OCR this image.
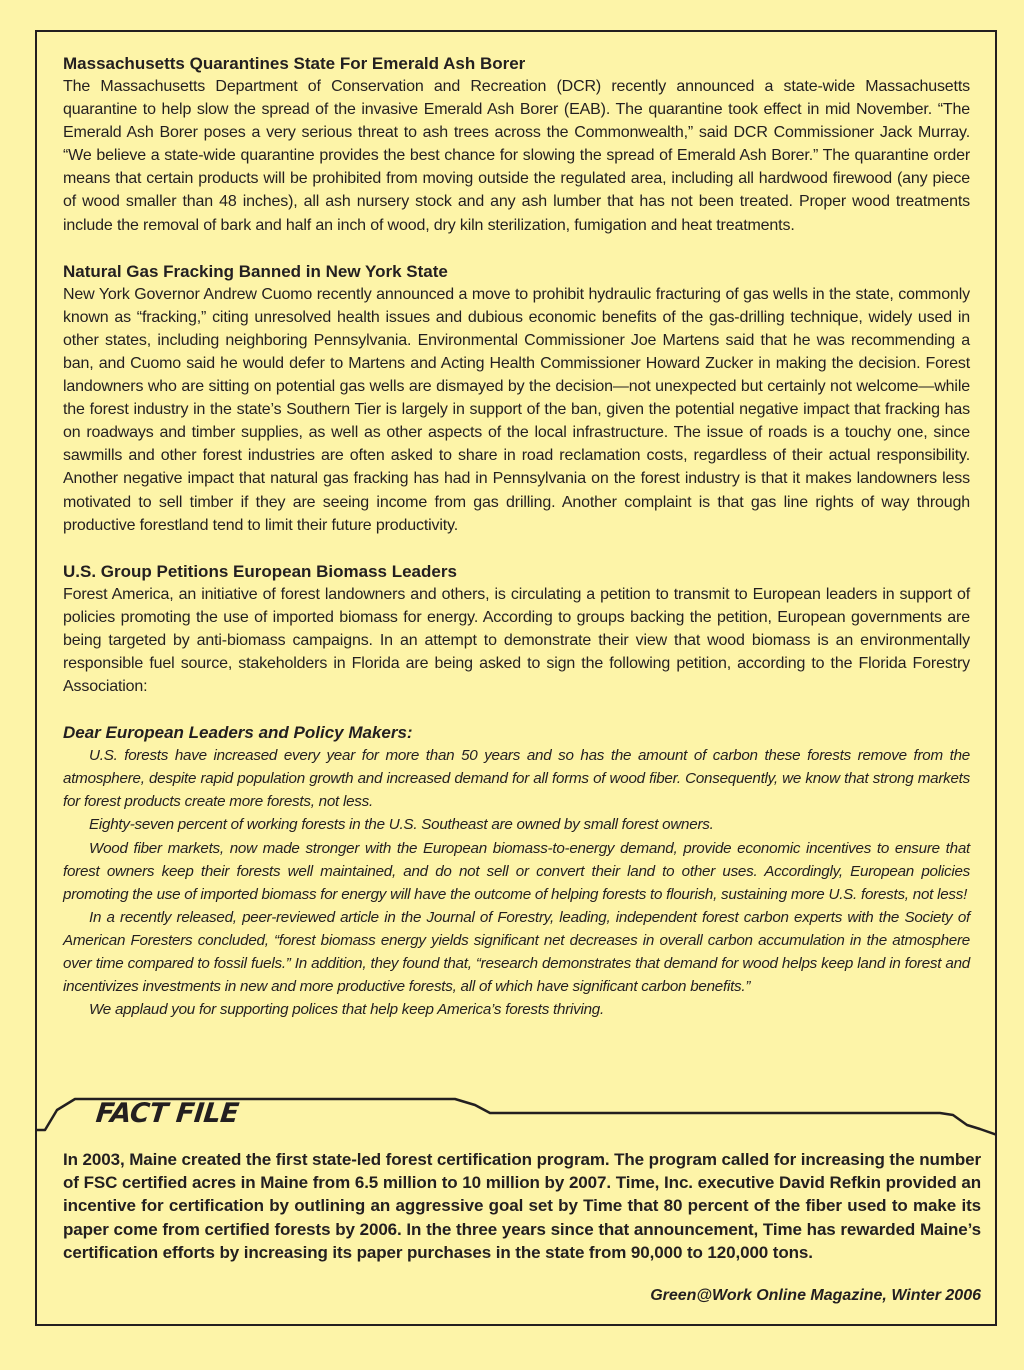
Massachusetts Quarantines State For Emerald Ash Borer

The Massachusetts Department of Conservation and Recreation (DCR) recently announced a state-wide Massachusetts quarantine to help slow the spread of the invasive Emerald Ash Borer (EAB). The quarantine took effect in mid November. “The Emerald Ash Borer poses a very serious threat to ash trees across the Commonwealth,” said DCR Commissioner Jack Murray. “We believe a state-wide quarantine provides the best chance for slowing the spread of Emerald Ash Borer.” The quarantine order means that certain products will be prohibited from moving outside the regulated area, including all hardwood firewood (any piece of wood smaller than 48 inches), all ash nursery stock and any ash lumber that has not been treated. Proper wood treatments include the removal of bark and half an inch of wood, dry kiln sterilization, fumigation and heat treatments.

Natural Gas Fracking Banned in New York State

New York Governor Andrew Cuomo recently announced a move to prohibit hydraulic fracturing of gas wells in the state, commonly known as “fracking,” citing unresolved health issues and dubious economic benefits of the gas-drilling technique, widely used in other states, including neighboring Pennsylvania. Environmental Commissioner Joe Martens said that he was recommending a ban, and Cuomo said he would defer to Martens and Acting Health Commissioner Howard Zucker in making the decision. Forest landowners who are sitting on potential gas wells are dismayed by the decision—not unexpected but certainly not welcome—while the forest industry in the state’s Southern Tier is largely in support of the ban, given the potential negative impact that fracking has on roadways and timber supplies, as well as other aspects of the local infrastructure. The issue of roads is a touchy one, since sawmills and other forest industries are often asked to share in road reclamation costs, regardless of their actual responsibility. Another negative impact that natural gas fracking has had in Pennsylvania on the forest industry is that it makes landowners less motivated to sell timber if they are seeing income from gas drilling. Another complaint is that gas line rights of way through productive forestland tend to limit their future productivity.

U.S. Group Petitions European Biomass Leaders

Forest America, an initiative of forest landowners and others, is circulating a petition to transmit to European leaders in support of policies promoting the use of imported biomass for energy. According to groups backing the petition, European governments are being targeted by anti-biomass campaigns. In an attempt to demonstrate their view that wood biomass is an environmentally responsible fuel source, stakeholders in Florida are being asked to sign the following petition, according to the Florida Forestry Association:

Dear European Leaders and Policy Makers:

U.S. forests have increased every year for more than 50 years and so has the amount of carbon these forests remove from the atmosphere, despite rapid population growth and increased demand for all forms of wood fiber. Consequently, we know that strong markets for forest products create more forests, not less.

Eighty-seven percent of working forests in the U.S. Southeast are owned by small forest owners.

Wood fiber markets, now made stronger with the European biomass-to-energy demand, provide economic incentives to ensure that forest owners keep their forests well maintained, and do not sell or convert their land to other uses. Accordingly, European policies promoting the use of imported biomass for energy will have the outcome of helping forests to flourish, sustaining more U.S. forests, not less!

In a recently released, peer-reviewed article in the Journal of Forestry, leading, independent forest carbon experts with the Society of American Foresters concluded, “forest biomass energy yields significant net decreases in overall carbon accumulation in the atmosphere over time compared to fossil fuels.” In addition, they found that, “research demonstrates that demand for wood helps keep land in forest and incentivizes investments in new and more productive forests, all of which have significant carbon benefits.”

We applaud you for supporting polices that help keep America’s forests thriving.

FACT FILE

In 2003, Maine created the first state-led forest certification program. The program called for increasing the number of FSC certified acres in Maine from 6.5 million to 10 million by 2007. Time, Inc. executive David Refkin provided an incentive for certification by outlining an aggressive goal set by Time that 80 percent of the fiber used to make its paper come from certified forests by 2006. In the three years since that announcement, Time has rewarded Maine’s certification efforts by increasing its paper purchases in the state from 90,000 to 120,000 tons.

Green@Work Online Magazine, Winter 2006
